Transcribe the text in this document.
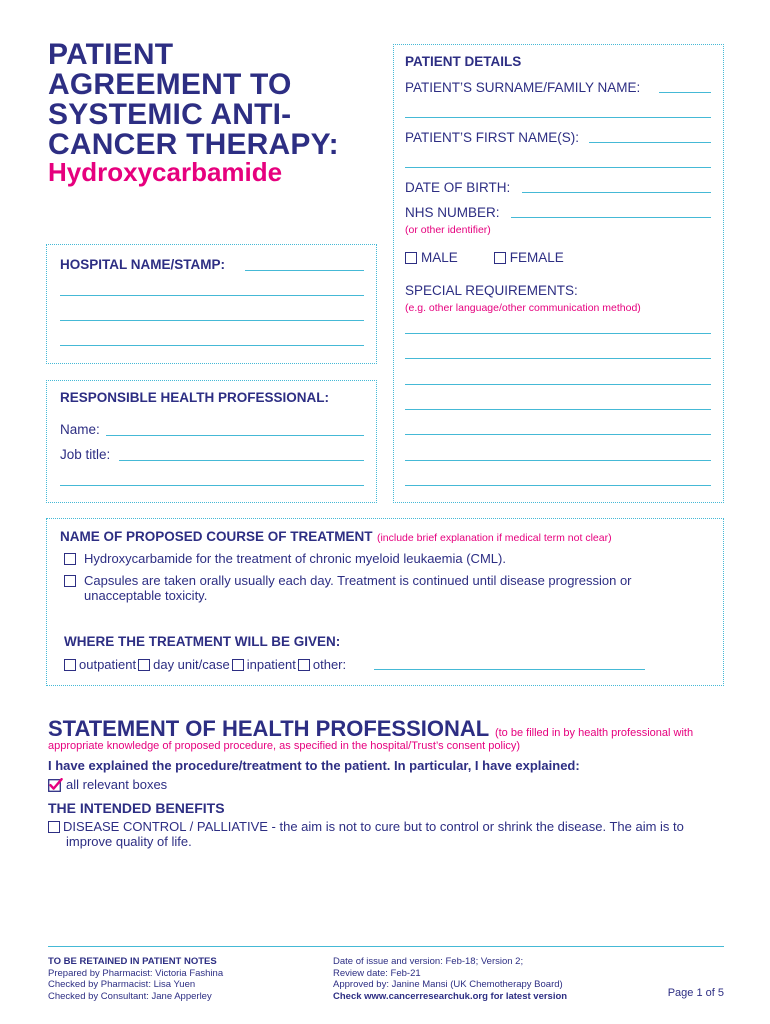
PATIENT
AGREEMENT TO
SYSTEMIC ANTI-
CANCER THERAPY:
Hydroxycarbamide
HOSPITAL NAME/STAMP:
RESPONSIBLE HEALTH PROFESSIONAL:
Name:
Job title:
PATIENT DETAILS
PATIENT’S SURNAME/FAMILY NAME:
PATIENT’S FIRST NAME(S):
DATE OF BIRTH:
NHS NUMBER:
(or other identifier)
MALE	FEMALE
SPECIAL REQUIREMENTS:
(e.g. other language/other communication method)
NAME OF PROPOSED COURSE OF TREATMENT (include brief explanation if medical term not clear)
Hydroxycarbamide for the treatment of chronic myeloid leukaemia (CML).
Capsules are taken orally usually each day. Treatment is continued until disease progression or
unacceptable toxicity.
WHERE THE TREATMENT WILL BE GIVEN:
outpatient day unit/case inpatient other:
STATEMENT OF HEALTH PROFESSIONAL (to be filled in by health professional with
appropriate knowledge of proposed procedure, as specified in the hospital/Trust’s consent policy)
I have explained the procedure/treatment to the patient. In particular, I have explained:
all relevant boxes
THE INTENDED BENEFITS
DISEASE CONTROL / PALLIATIVE - the aim is not to cure but to control or shrink the disease. The aim is to
improve quality of life.
TO BE RETAINED IN PATIENT NOTES
Prepared by Pharmacist: Victoria Fashina
Checked by Pharmacist: Lisa Yuen
Checked by Consultant: Jane Apperley
Date of issue and version: Feb-18; Version 2;
Review date: Feb-21
Approved by: Janine Mansi (UK Chemotherapy Board)
Check www.cancerresearchuk.org for latest version	Page 1 of 5
